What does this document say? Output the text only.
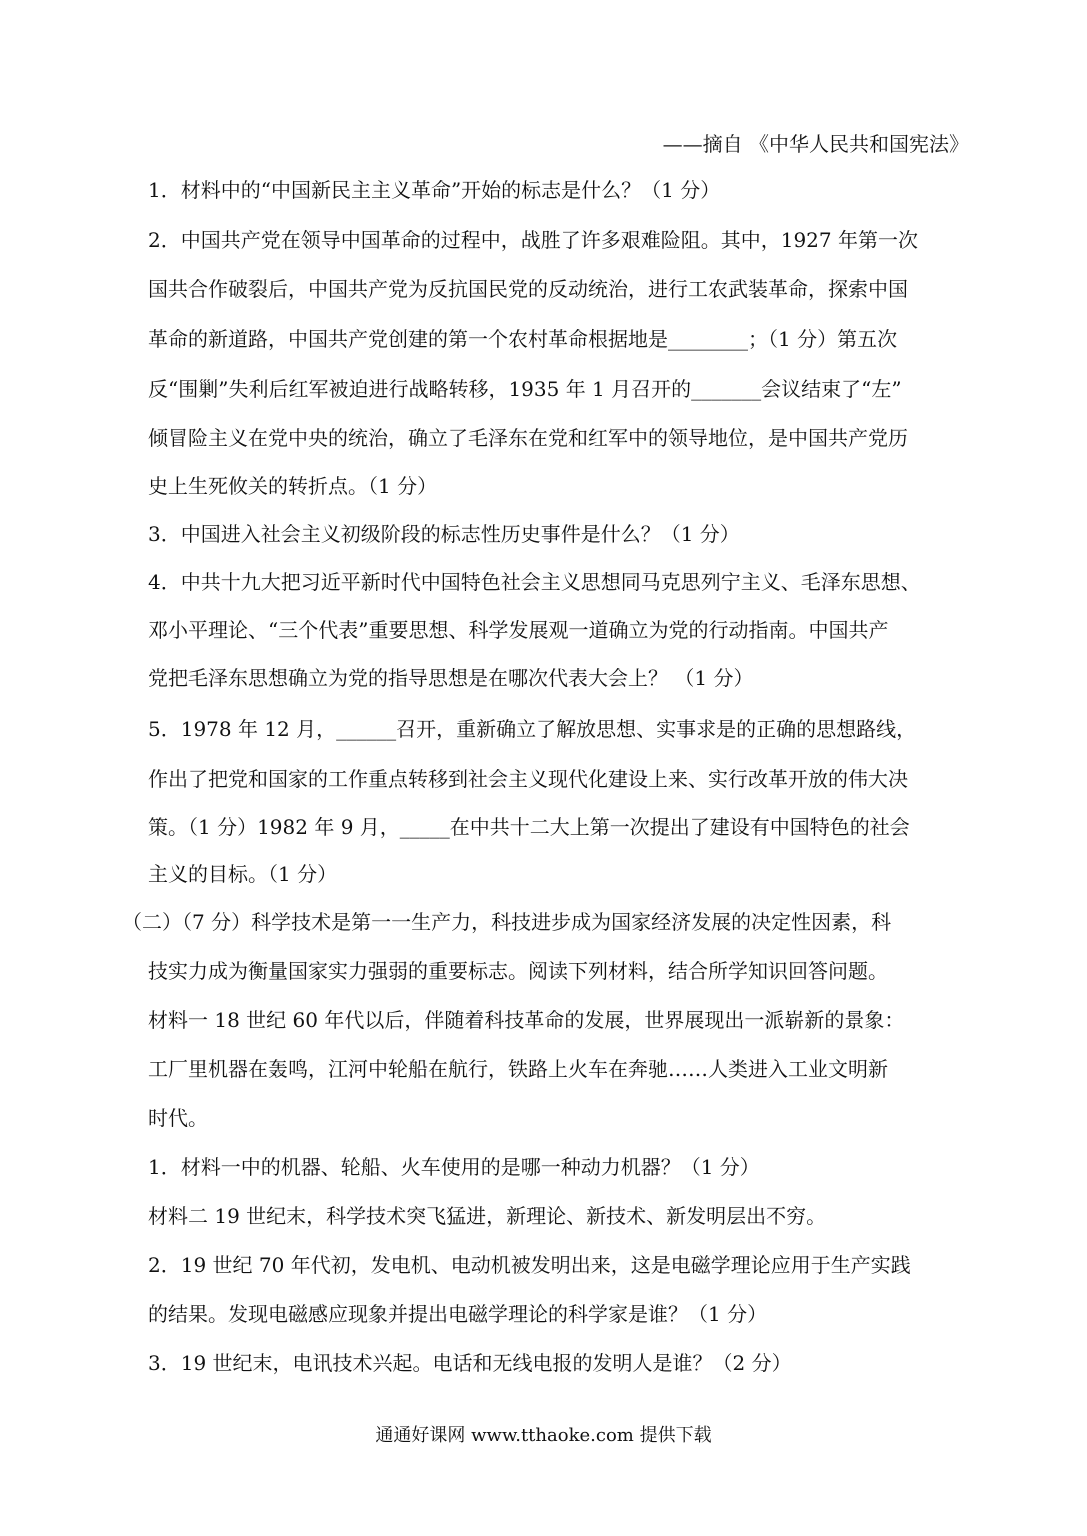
——摘自 《中华人民共和国宪法》
1．材料中的“中国新民主主义革命”开始的标志是什么？（1 分）
2．中国共产党在领导中国革命的过程中，战胜了许多艰难险阻。其中，1927 年第一次
国共合作破裂后，中国共产党为反抗国民党的反动统治，进行工农武装革命，探索中国
革命的新道路，中国共产党创建的第一个农村革命根据地是________；（1 分）第五次
反“围剿”失利后红军被迫进行战略转移，1935 年 1 月召开的_______会议结束了“左”
倾冒险主义在党中央的统治，确立了毛泽东在党和红军中的领导地位，是中国共产党历
史上生死攸关的转折点。（1 分）
3．中国进入社会主义初级阶段的标志性历史事件是什么？（1 分）
4．中共十九大把习近平新时代中国特色社会主义思想同马克思列宁主义、毛泽东思想、
邓小平理论、“三个代表”重要思想、科学发展观一道确立为党的行动指南。中国共产
党把毛泽东思想确立为党的指导思想是在哪次代表大会上？ （1 分）
5．1978 年 12 月，______召开，重新确立了解放思想、实事求是的正确的思想路线，
作出了把党和国家的工作重点转移到社会主义现代化建设上来、实行改革开放的伟大决
策。（1 分）1982 年 9 月，_____在中共十二大上第一次提出了建设有中国特色的社会
主义的目标。（1 分）
（二）（7 分）科学技术是第一一生产力，科技进步成为国家经济发展的决定性因素，科
技实力成为衡量国家实力强弱的重要标志。阅读下列材料，结合所学知识回答问题。
材料一 18 世纪 60 年代以后，伴随着科技革命的发展，世界展现出一派崭新的景象：
工厂里机器在轰鸣，江河中轮船在航行，铁路上火车在奔驰……人类进入工业文明新
时代。
1．材料一中的机器、轮船、火车使用的是哪一种动力机器？（1 分）
材料二 19 世纪末，科学技术突飞猛进，新理论、新技术、新发明层出不穷。
2．19 世纪 70 年代初，发电机、电动机被发明出来，这是电磁学理论应用于生产实践
的结果。发现电磁感应现象并提出电磁学理论的科学家是谁？（1 分）
3．19 世纪末，电讯技术兴起。电话和无线电报的发明人是谁？（2 分）
通通好课网 www.tthaoke.com 提供下载
